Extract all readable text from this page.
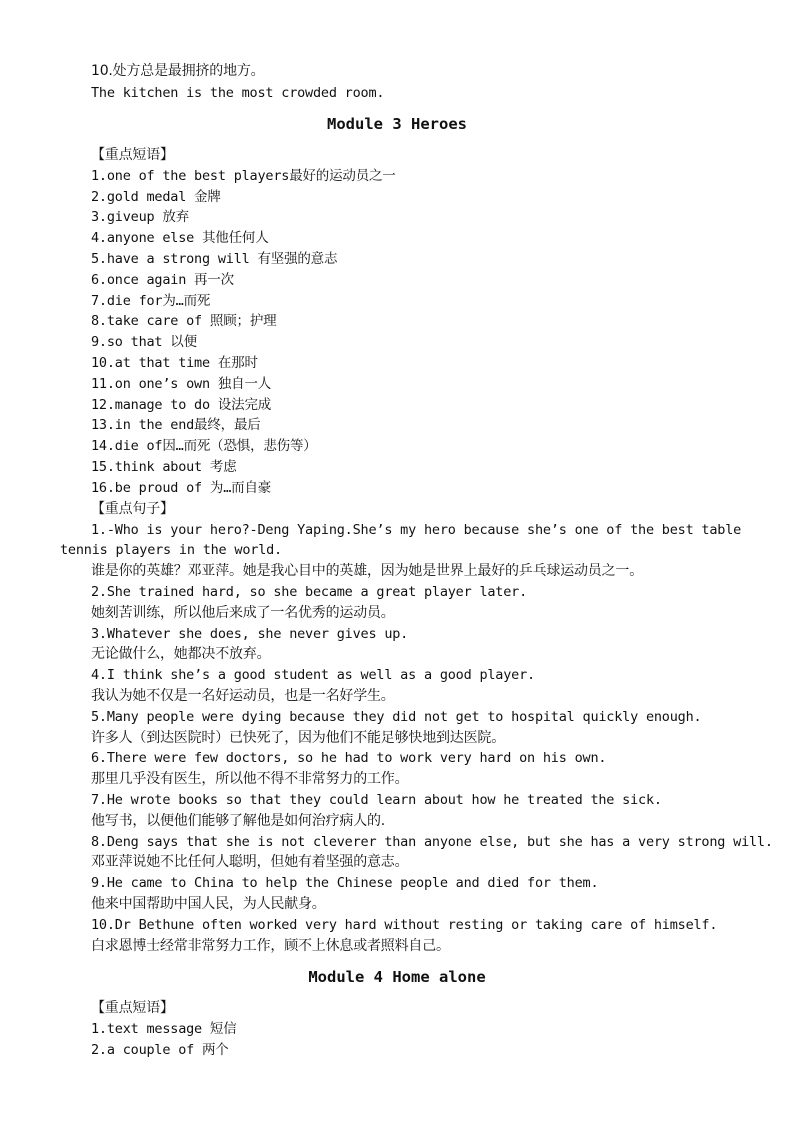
10.处方总是最拥挤的地方。
The kitchen is the most crowded room.
Module 3 Heroes
【重点短语】
1.one of the best players最好的运动员之一
2.gold medal 金牌
3.giveup 放弃
4.anyone else 其他任何人
5.have a strong will 有坚强的意志
6.once again 再一次
7.die for为…而死
8.take care of 照顾；护理
9.so that 以便
10.at that time 在那时
11.on one’s own 独自一人
12.manage to do 设法完成
13.in the end最终，最后
14.die of因…而死（恐惧，悲伤等）
15.think about 考虑
16.be proud of 为…而自豪
【重点句子】
1.-Who is your hero?-Deng Yaping.She’s my hero because she’s one of the best table
tennis players in the world.
谁是你的英雄？邓亚萍。她是我心目中的英雄，因为她是世界上最好的乒乓球运动员之一。
2.She trained hard, so she became a great player later.
她刻苦训练，所以他后来成了一名优秀的运动员。
3.Whatever she does, she never gives up.
无论做什么，她都决不放弃。
4.I think she’s a good student as well as a good player.
我认为她不仅是一名好运动员，也是一名好学生。
5.Many people were dying because they did not get to hospital quickly enough.
许多人（到达医院时）已快死了，因为他们不能足够快地到达医院。
6.There were few doctors, so he had to work very hard on his own.
那里几乎没有医生，所以他不得不非常努力的工作。
7.He wrote books so that they could learn about how he treated the sick.
他写书，以便他们能够了解他是如何治疗病人的.
8.Deng says that she is not cleverer than anyone else, but she has a very strong will.
邓亚萍说她不比任何人聪明，但她有着坚强的意志。
9.He came to China to help the Chinese people and died for them.
他来中国帮助中国人民，为人民献身。
10.Dr Bethune often worked very hard without resting or taking care of himself.
白求恩博士经常非常努力工作，顾不上休息或者照料自己。
Module 4 Home alone
【重点短语】
1.text message 短信
2.a couple of 两个
